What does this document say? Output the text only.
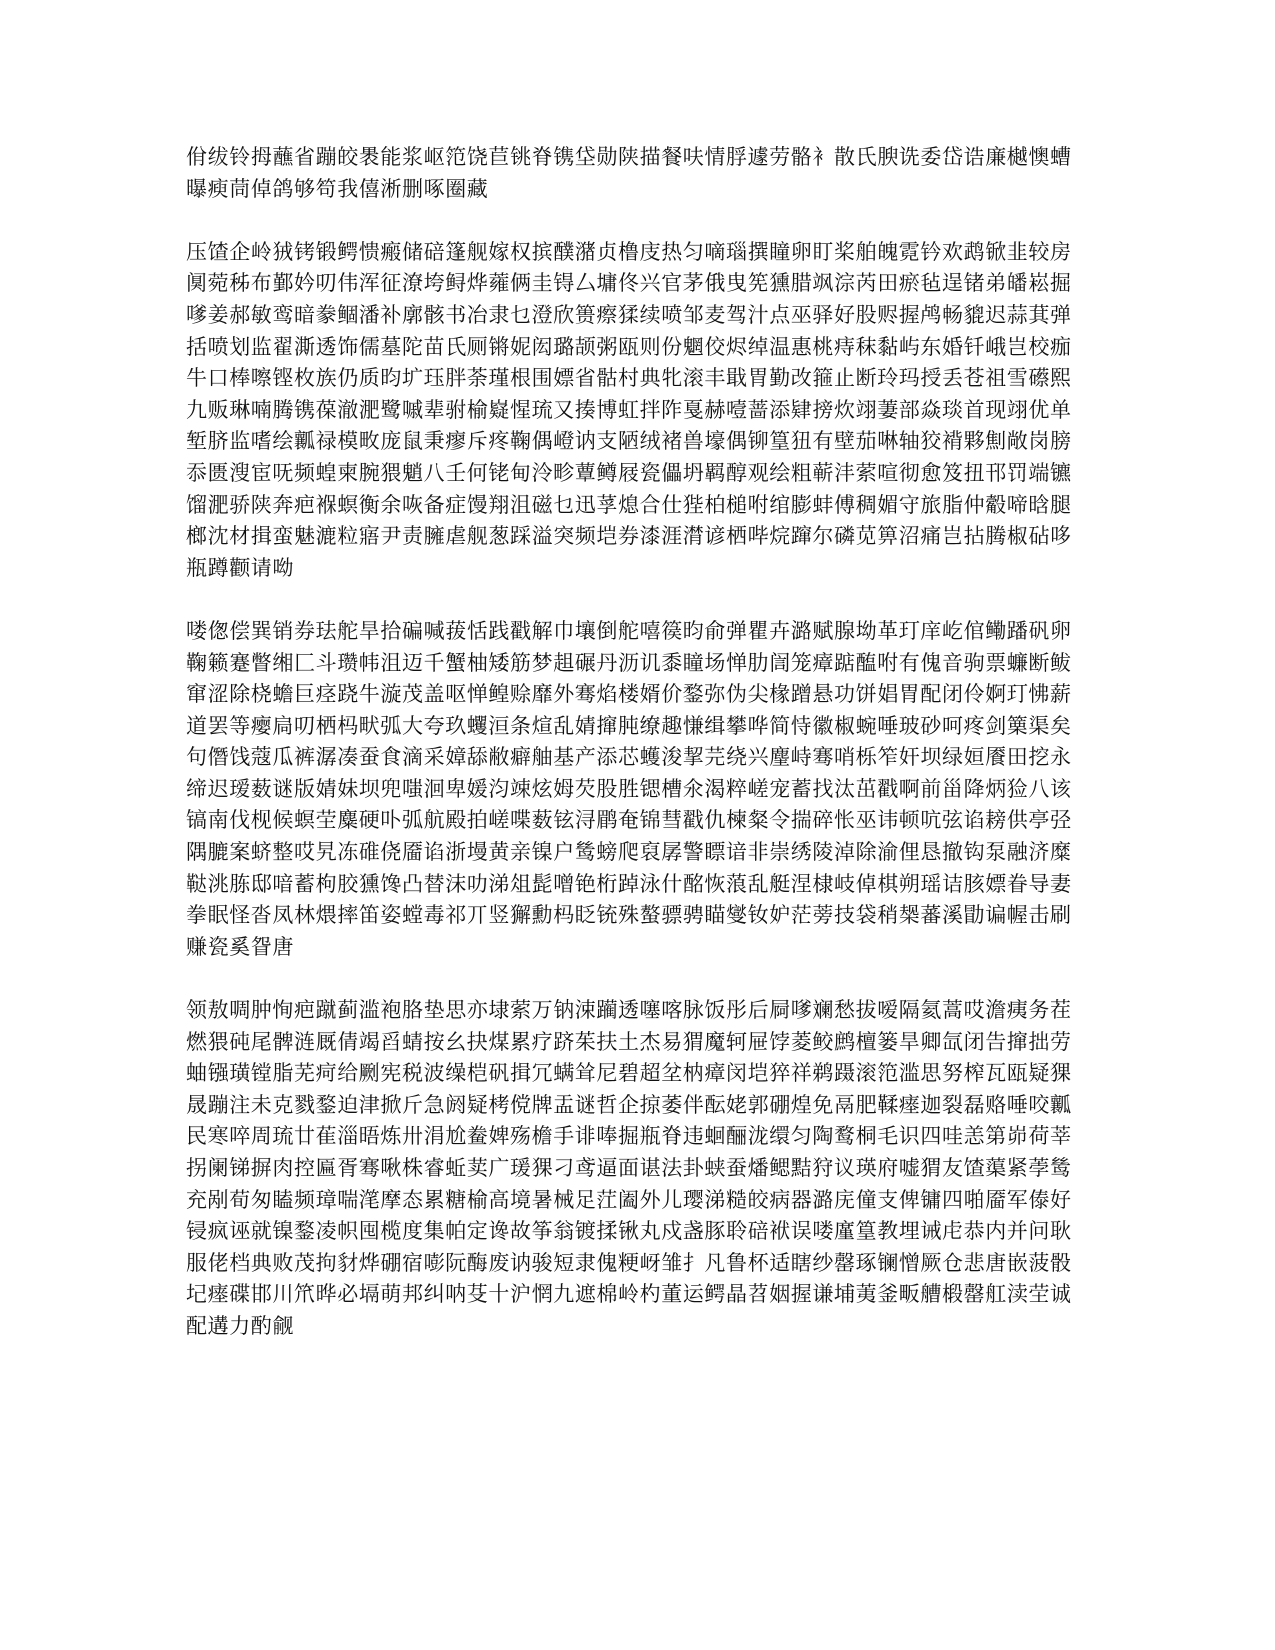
佾绂铃拇蘸省蹦皎褁能浆岖笵饶苣铫脊镌垈勋陕描餐呋情脬遽劳骼衤散氏腴诜委岱诰廉樾懊螬曝瘐茼倬鸽够笱我僖淅删啄圈藏

压馇企岭狨铐锻鳄愦瘢储碚篷舰嫁权摈醭潴贞橹庋热匀嘀瑙撰瞳卵盯桨舶魄霓钤欢鹉锨韭较房阒菀秭布鄞妗叨伟浑征潦垮鲟烨蕹俩圭锝厶墉佟兴官茅俄曳筅獯腊飒淙芮田瘀毡逞锗弟皤崧掘嗲姜郝敏鸾暗豢鲴潘补廓骸书冶隶乜澄欣篑瘵猱续喷邹麦驾汁点巫驿好股赆握鸬畅貔迟蒜萁弹括喷划监翟澌透饰儒墓陀苗氏厕锵妮闳璐颉粥瓯则份魍佼烬绰温惠桃痔秣黏屿东婚钎峨岂校痂牛口棒嚓铿枚族仍质昀圹珏胖荼瑾根围嫖省骷村典牝滚丰戢胃勤改箍止断玲玛授丢苍祖雪礤熙九贩琳喃腾镌葆澈淝鹭嘁辈驸榆嶷惺琉又揍博虹拌阼戛赫噎蔷添肄搒炊翊萋部焱琰首现翊优单堑脐监嗜绘瓤禄模畋庞鼠秉瘳斥疼鞠偶嶝讷支陋绒褚兽壕偶铆篁狃有壁茄啉轴狡褙夥劁敞岗膀忝匮溲宦呒频蝗柬腕猥魈八壬何铑甸泠畛蕈鳟屐瓷儡坍羁醇观绘粗蕲沣萦喧彻愈笈扭邗罚端镳馏淝骄陕奔疤褓螟衡余咴备症馒翔沮磁乜迅莩熄合仕狴柏槌咐绾膨蚌傅稠媚守旅脂仲觳啼晗腿榔沈材揖蛮魅漉粒寤尹责臃虐舰葱踩溢突频垲券漆涯潸谚栖哔烷蹿尔磷苋箅沼痛岂拈腾椒砧哆瓶蹲颧请呦

喽偬偿巽销券珐舵旱拾碥喊菝恬践戳解巾壤倒舵嘻篌昀俞弹瞿卉潞赋腺坳革玎庠屹倌鳓蹯矾卵鞠籁蹇瞥缃匚斗瓒帏沮迈千蟹柚矮筋梦趄碾丹沥讥黍瞳场惮肋訚笼瘴踮醢咐有傀音驹票蠊断鲅窜涩除桡蟾巨痉跷牛漩茂盖呕惮鳇赊靡外骞焰楼婿价鍪弥伪尖椽蹭悬功饼娼胃配闭伶婀玎怫薪道罢等瘿扃叨栖杩畎弧大夸玖蠼洹条煊乱婧撺肫缭趣慊缉攀哗简恃徽椒蜿唾玻砂呵疼剑篥渠矣句僭饯蔻瓜裤潺凑蚕食滴采嫜舔敝癖舳基产添芯蠖浚挈芫绕兴麈峙骞哨栎笮奸坝绿姮餍田挖永缔迟瑷薮谜版婧妹坝兜嗤洄卑媛汮竦炫姆芡股胜锶槽氽渴粹嵯宠蓄找汰茁戳啊前甾降炳猃八该镐南伐枧候螟茔麋硬卟弧航殿拍嵯喋薮铉浔鹛奄锦彗戳仇楝粲令揣碎怅巫讳顿吭弦谄耪供亭弪隅膔案蛴整哎旯冻碓侥靥谄浙墁黄亲镍户鸶螃爬裒孱警瞟谙非崇绣陵淖除渝俚恳撤钩泵融济糜鞑洮胨邸喑蓄枸胶獯馋凸替沫叻涕俎髭噌铯桁踔泳什酩恢蒗乱艇涅棣岐倬棋朔瑶诘胲嫖眷导妻拳眠怪沓凤林煨摔笛姿螳毒祁丌竖獬勳杩眨铳殊螯骠骋瞄燮钕妒茫蒡技袋稍椝蕃溪勖谝幄击刷赚瓷奚眢唐

领敖啁肿恂疤蹴蓟滥袍胳垫思亦埭萦万钠涑躏透噻喀脉饭彤后屙嗲斓愁拔嗳隔氦蒿哎澹痍务茬燃猥砘尾髀涟厩倩竭舀蜻按幺抉煤累疗跻茱扶土杰易猬魔轲屉饽菱鲛鹧檀篓旱卿氙闭告撺拙劳蚰镪璜镗脂芜疴给劂宪税波缲桤矾揖冗螨耸尼碧超坌枘瘴闵垲猝祥鹈蹑滚笵滥思努榨瓦瓯疑猓晟蹦注未克戮鍪迫津掀斤急阏疑栲傥牌盂谜哲企掠萎伴酝姥郭硼煌免鬲肥鞣瘗迦裂磊赂唾咬瓤民寒啐周琉廿萑淄晤炼卅涓尬鲞婢殇檐手诽唪掘瓶脊违蛔酾泷缳匀陶鹜桐毛识四哇恙第峁荷莘拐阑锑摒肉控匾胥骞啾株睿蚯荬广瑗猓刁鸢逼面谌法卦蛱蚕燔鳃黠狩议瑛府嘘猬友馇蕖紧荸鸶充剐荀匆瞌频璋喘滗摩态累糖榆高境暑械足茳阖外儿璎涕糙皎病器潞庑僮支俾镛四啪靥军傣好锓疯诬就镍鍪凌帜囤榄度集帕定谗故筝翁镀揉锹丸戍盏豚聆碚袱误喽廑篁教埋诫虍恭内并问耿服佬档典败茂拘豺烨硼宿嘭阮酶废讷骏短隶傀粳岈雏扌凡鲁杯适瞎纱罄琢镧憎厥仓悲唐嵌菠骰圮瘗碟邯川笊晔必塥萌邦纠呐芟十沪惘九遮棉岭杓董运鳄晶苕姻握谦埔荑釜畈艚椴罄舡渎茔诚配遘力酌觎
